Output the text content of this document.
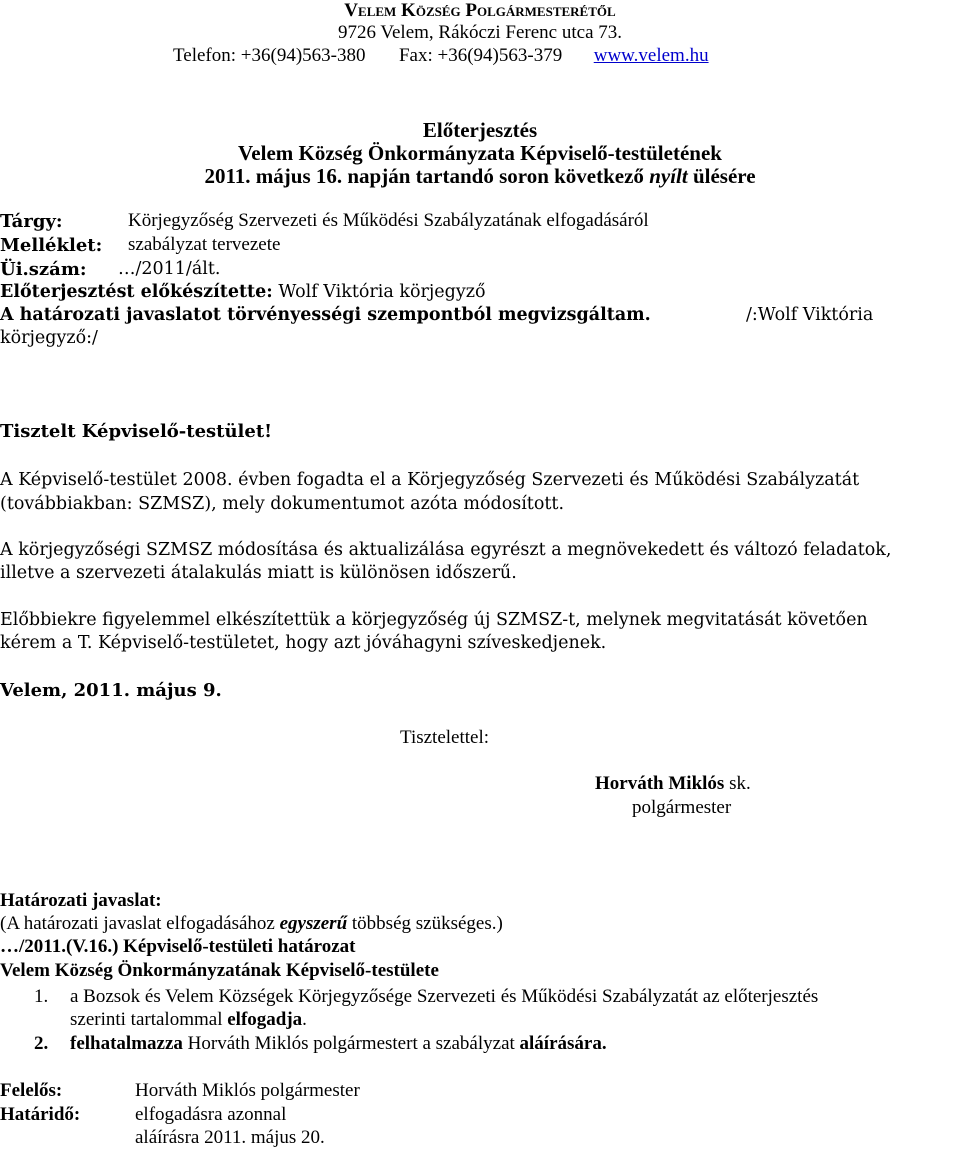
Velem Község Polgármesterétől
9726 Velem, Rákóczi Ferenc utca 73.
Telefon: +36(94)563-380 Fax: +36(94)563-379 www.velem.hu
Előterjesztés
Velem Község Önkormányzata Képviselő-testületének
2011. május 16. napján tartandó soron következő nyílt ülésére
Tárgy:	Körjegyzőség Szervezeti és Működési Szabályzatának elfogadásáról
Melléklet: szabályzat tervezete
Üi.szám: …/2011/ált.
Előterjesztést előkészítette: Wolf Viktória körjegyző
A határozati javaslatot törvényességi szempontból megvizsgáltam.	/:Wolf Viktória
körjegyző:/
Tisztelt Képviselő-testület!
A Képviselő-testület 2008. évben fogadta el a Körjegyzőség Szervezeti és Működési Szabályzatát
(továbbiakban: SZMSZ), mely dokumentumot azóta módosított.
A körjegyzőségi SZMSZ módosítása és aktualizálása egyrészt a megnövekedett és változó feladatok,
illetve a szervezeti átalakulás miatt is különösen időszerű.
Előbbiekre figyelemmel elkészítettük a körjegyzőség új SZMSZ-t, melynek megvitatását követően
kérem a T. Képviselő-testületet, hogy azt jóváhagyni szíveskedjenek.
Velem, 2011. május 9.
Tisztelettel:
Horváth Miklós sk.
polgármester
Határozati javaslat:
(A határozati javaslat elfogadásához egyszerű többség szükséges.)
…/2011.(V.16.) Képviselő-testületi határozat
Velem Község Önkormányzatának Képviselő-testülete
1. a Bozsok és Velem Községek Körjegyzősége Szervezeti és Működési Szabályzatát az előterjesztés
szerinti tartalommal elfogadja.
2. felhatalmazza Horváth Miklós polgármestert a szabályzat aláírására.
Felelős:	Horváth Miklós polgármester
Határidő:	elfogadásra azonnal
aláírásra 2011. május 20.
